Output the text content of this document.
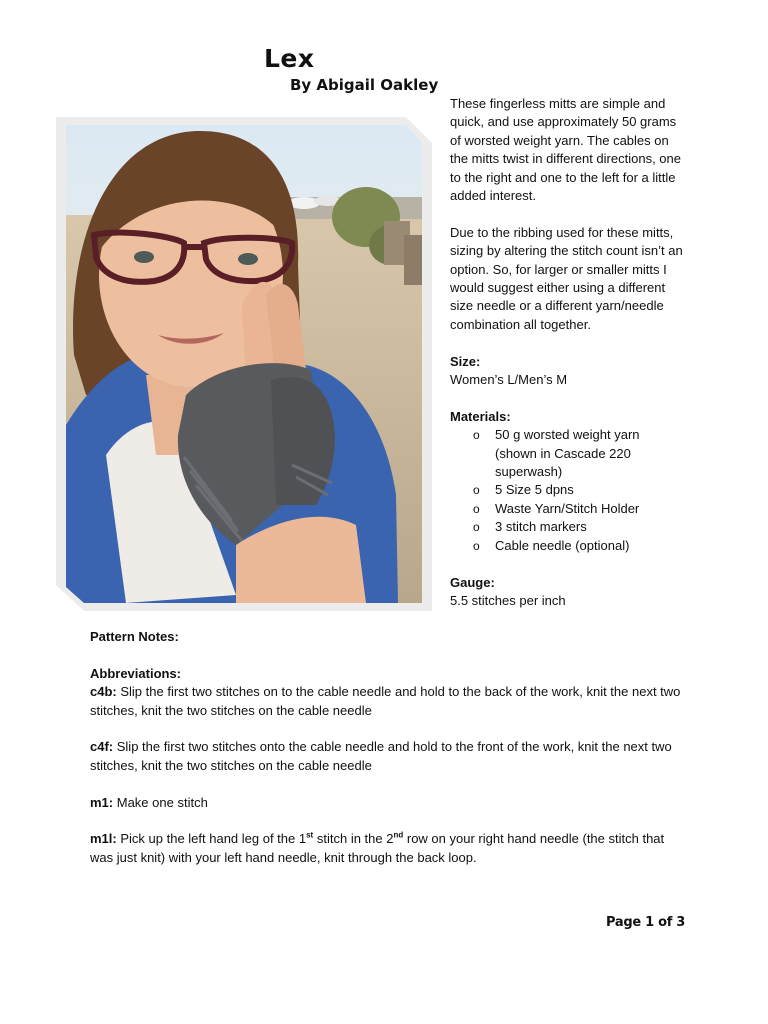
Lex
By Abigail Oakley

These fingerless mitts are simple and quick, and use approximately 50 grams of worsted weight yarn. The cables on the mitts twist in different directions, one to the right and one to the left for a little added interest.

Due to the ribbing used for these mitts, sizing by altering the stitch count isn’t an option. So, for larger or smaller mitts I would suggest either using a different size needle or a different yarn/needle combination all together.

Size:

Women’s L/Men’s M

Materials:

o 50 g worsted weight yarn
(shown in Cascade 220 superwash)
o 5 Size 5 dpns
o Waste Yarn/Stitch Holder
o 3 stitch markers
o Cable needle (optional)

Gauge:

5.5 stitches per inch

Pattern Notes:

Abbreviations:

c4b: Slip the first two stitches on to the cable needle and hold to the back of the work, knit the next two stitches, knit the two stitches on the cable needle

c4f: Slip the first two stitches onto the cable needle and hold to the front of the work, knit the next two stitches, knit the two stitches on the cable needle

m1: Make one stitch

m1l: Pick up the left hand leg of the 1st stitch in the 2nd row on your right hand needle (the stitch that was just knit) with your left hand needle, knit through the back loop.

Page 1 of 3
